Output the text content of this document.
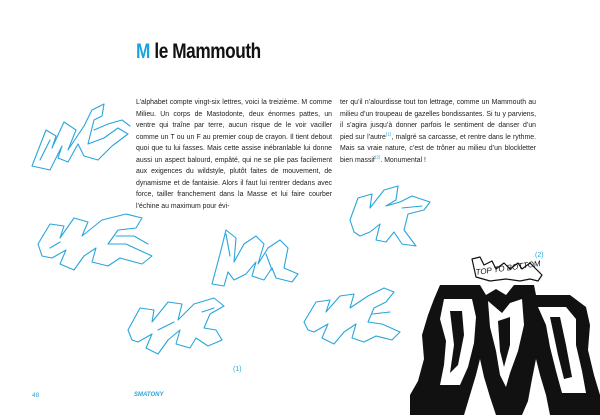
M le Mammouth

L’alphabet compte vingt-six lettres, voici la treizième. M comme Milieu. Un corps de Mastodonte, deux énormes pattes, un ventre qui traîne par terre, aucun risque de le voir vaciller comme un T ou un F au premier coup de crayon. Il tient debout quoi que tu lui fasses. Mais cette assise inébranlable lui donne aussi un aspect balourd, empâté, qui ne se plie pas facilement aux exigences du wildstyle, plutôt faites de mouvement, de dynamisme et de fantaisie. Alors il faut lui rentrer dedans avec force, tailler franchement dans la Masse et lui faire courber l’échine au maximum pour évi-

ter qu’il n’alourdisse tout ton lettrage, comme un Mammouth au milieu d’un troupeau de gazelles bondissantes. Si tu y parviens, il s’agira jusqu’à donner parfois le sentiment de danser d’un pied sur l’autre$^{(1)}$, malgré sa carcasse, et rentre dans le rythme. Mais sa vraie nature, c’est de trôner au milieu d’un blockletter bien massif$^{(2)}$. Monumental !

(1)
(2)
TOP TO BOTTOM
48	SMATONY
